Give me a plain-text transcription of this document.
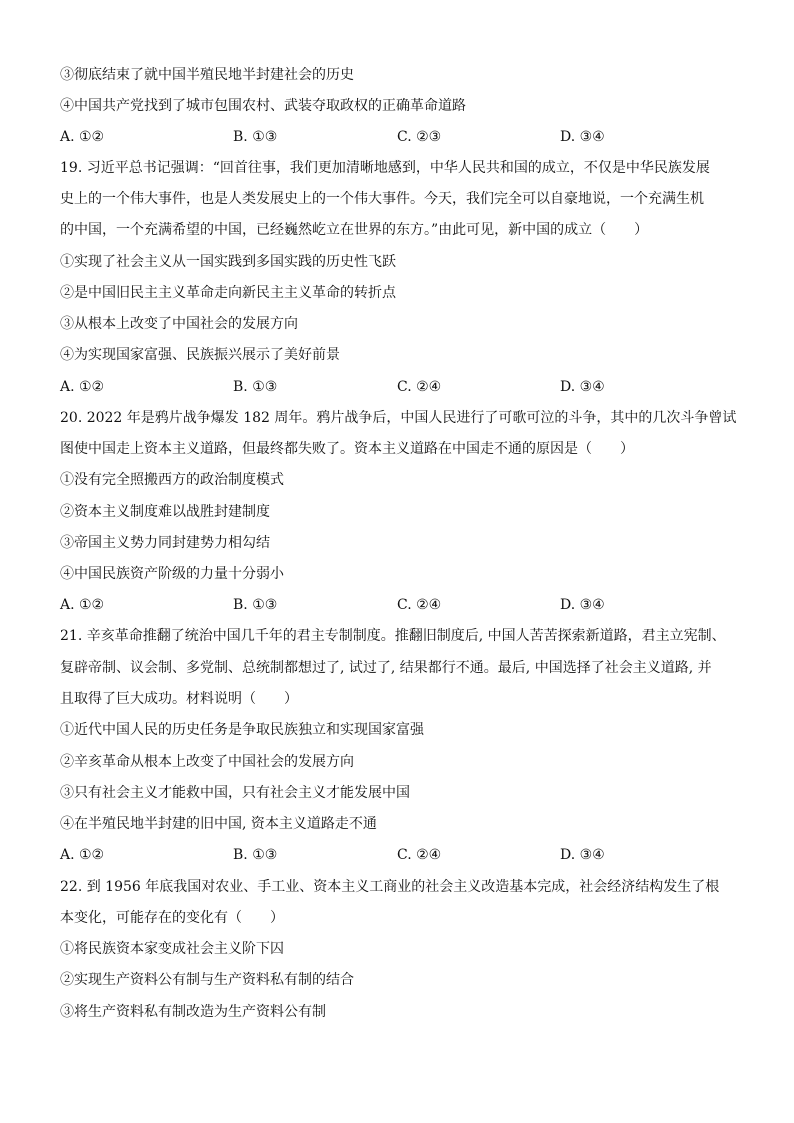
③彻底结束了就中国半殖民地半封建社会的历史
④中国共产党找到了城市包围农村、武装夺取政权的正确革命道路
A. ①②	B. ①③	C. ②③	D. ③④
19. 习近平总书记强调：“回首往事，我们更加清晰地感到，中华人民共和国的成立，不仅是中华民族发展
史上的一个伟大事件，也是人类发展史上的一个伟大事件。今天，我们完全可以自豪地说，一个充满生机
的中国，一个充满希望的中国，已经巍然屹立在世界的东方。”由此可见，新中国的成立（　　）
①实现了社会主义从一国实践到多国实践的历史性飞跃
②是中国旧民主主义革命走向新民主主义革命的转折点
③从根本上改变了中国社会的发展方向
④为实现国家富强、民族振兴展示了美好前景
A. ①②	B. ①③	C. ②④	D. ③④
20. 2022 年是鸦片战争爆发 182 周年。鸦片战争后，中国人民进行了可歌可泣的斗争，其中的几次斗争曾试
图使中国走上资本主义道路，但最终都失败了。资本主义道路在中国走不通的原因是（　　）
①没有完全照搬西方的政治制度模式
②资本主义制度难以战胜封建制度
③帝国主义势力同封建势力相勾结
④中国民族资产阶级的力量十分弱小
A. ①②	B. ①③	C. ②④	D. ③④
21. 辛亥革命推翻了统治中国几千年的君主专制制度。推翻旧制度后, 中国人苦苦探索新道路，君主立宪制、
复辟帝制、议会制、多党制、总统制都想过了, 试过了, 结果都行不通。最后, 中国选择了社会主义道路, 并
且取得了巨大成功。材料说明（　　）
①近代中国人民的历史任务是争取民族独立和实现国家富强
②辛亥革命从根本上改变了中国社会的发展方向
③只有社会主义才能救中国，只有社会主义才能发展中国
④在半殖民地半封建的旧中国, 资本主义道路走不通
A. ①②	B. ①③	C. ②④	D. ③④
22. 到 1956 年底我国对农业、手工业、资本主义工商业的社会主义改造基本完成，社会经济结构发生了根
本变化，可能存在的变化有（　　）
①将民族资本家变成社会主义阶下囚
②实现生产资料公有制与生产资料私有制的结合
③将生产资料私有制改造为生产资料公有制
